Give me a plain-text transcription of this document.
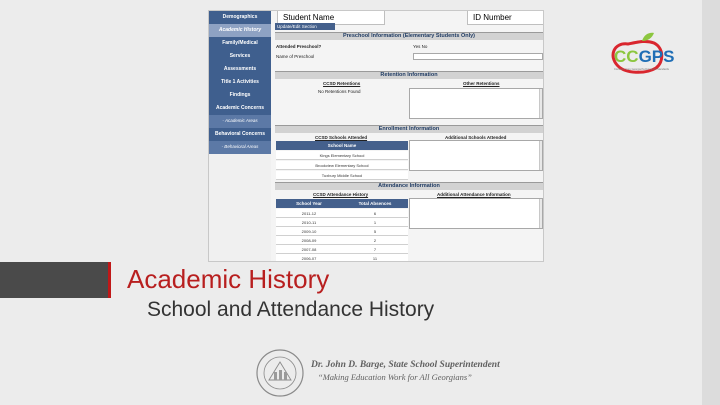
Demographics
Academic History
Family/Medical
Services
Assessments
Title 1 Activities
Findings
Academic Concerns
- Academic Areas
Behavioral Concerns
- Behavioral Areas
Student Name	ID Number
Update/Edit Section
Preschool Information (Elementary Students Only)
Attended Preschool?	Yes No
Name of Preschool
Retention Information
CCSD Retentions	Other Retentions
No Retentions Found
Enrollment Information
CCSD Schools Attended	Additional Schools Attended
School Name
Kings Elementary School
Brookview Elementary School
Tuxbury Middle School
Attendance Information
CCSD Attendance History	Additional Attendance Information
School Year	Total Absences
2011-12	6
2010-11	1
2009-10	5
2008-09	2
2007-08	7
2006-07	11
CCGPS
Common Core Georgia Performance Standards
Academic History
School and Attendance History
Dr. John D. Barge, State School Superintendent
“Making Education Work for All Georgians”
